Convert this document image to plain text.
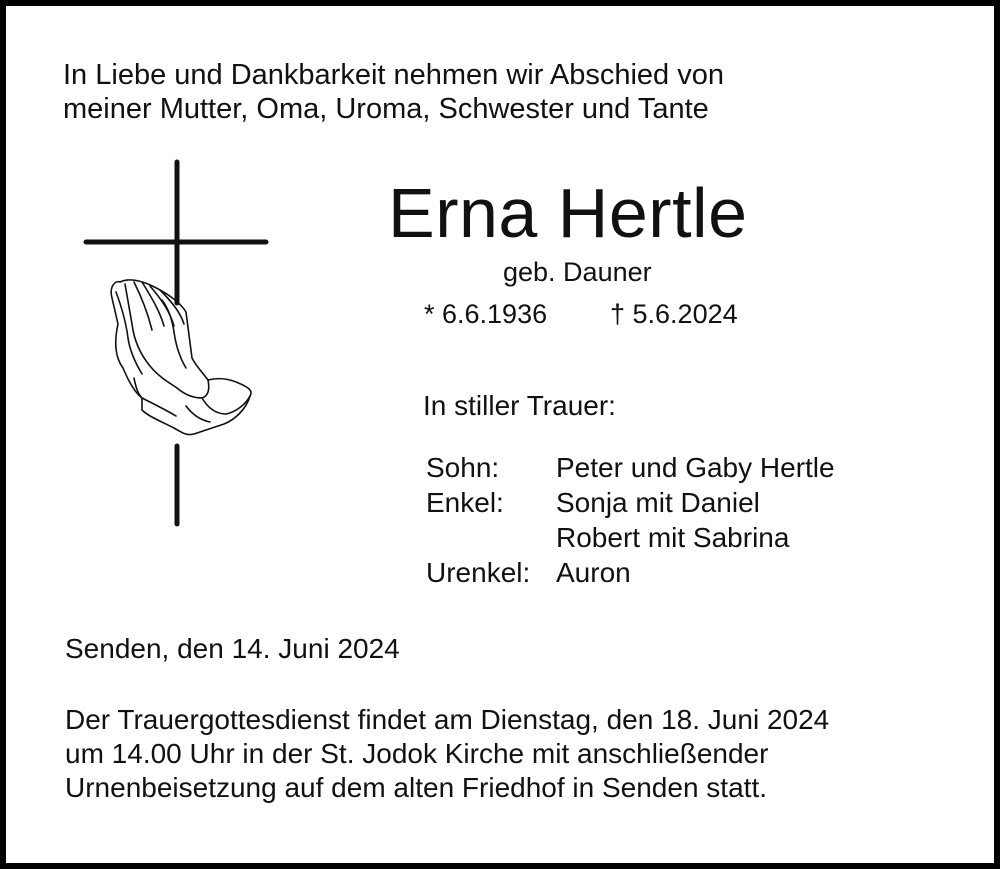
In Liebe und Dankbarkeit nehmen wir Abschied von
meiner Mutter, Oma, Uroma, Schwester und Tante

Erna Hertle

geb. Dauner

* 6.6.1936 † 5.6.2024

In stiller Trauer:

Sohn:	Peter und Gaby Hertle
Enkel:	Sonja mit Daniel
	Robert mit Sabrina
Urenkel:	Auron

Senden, den 14. Juni 2024

Der Trauergottesdienst findet am Dienstag, den 18. Juni 2024
um 14.00 Uhr in der St. Jodok Kirche mit anschließender
Urnenbeisetzung auf dem alten Friedhof in Senden statt.
